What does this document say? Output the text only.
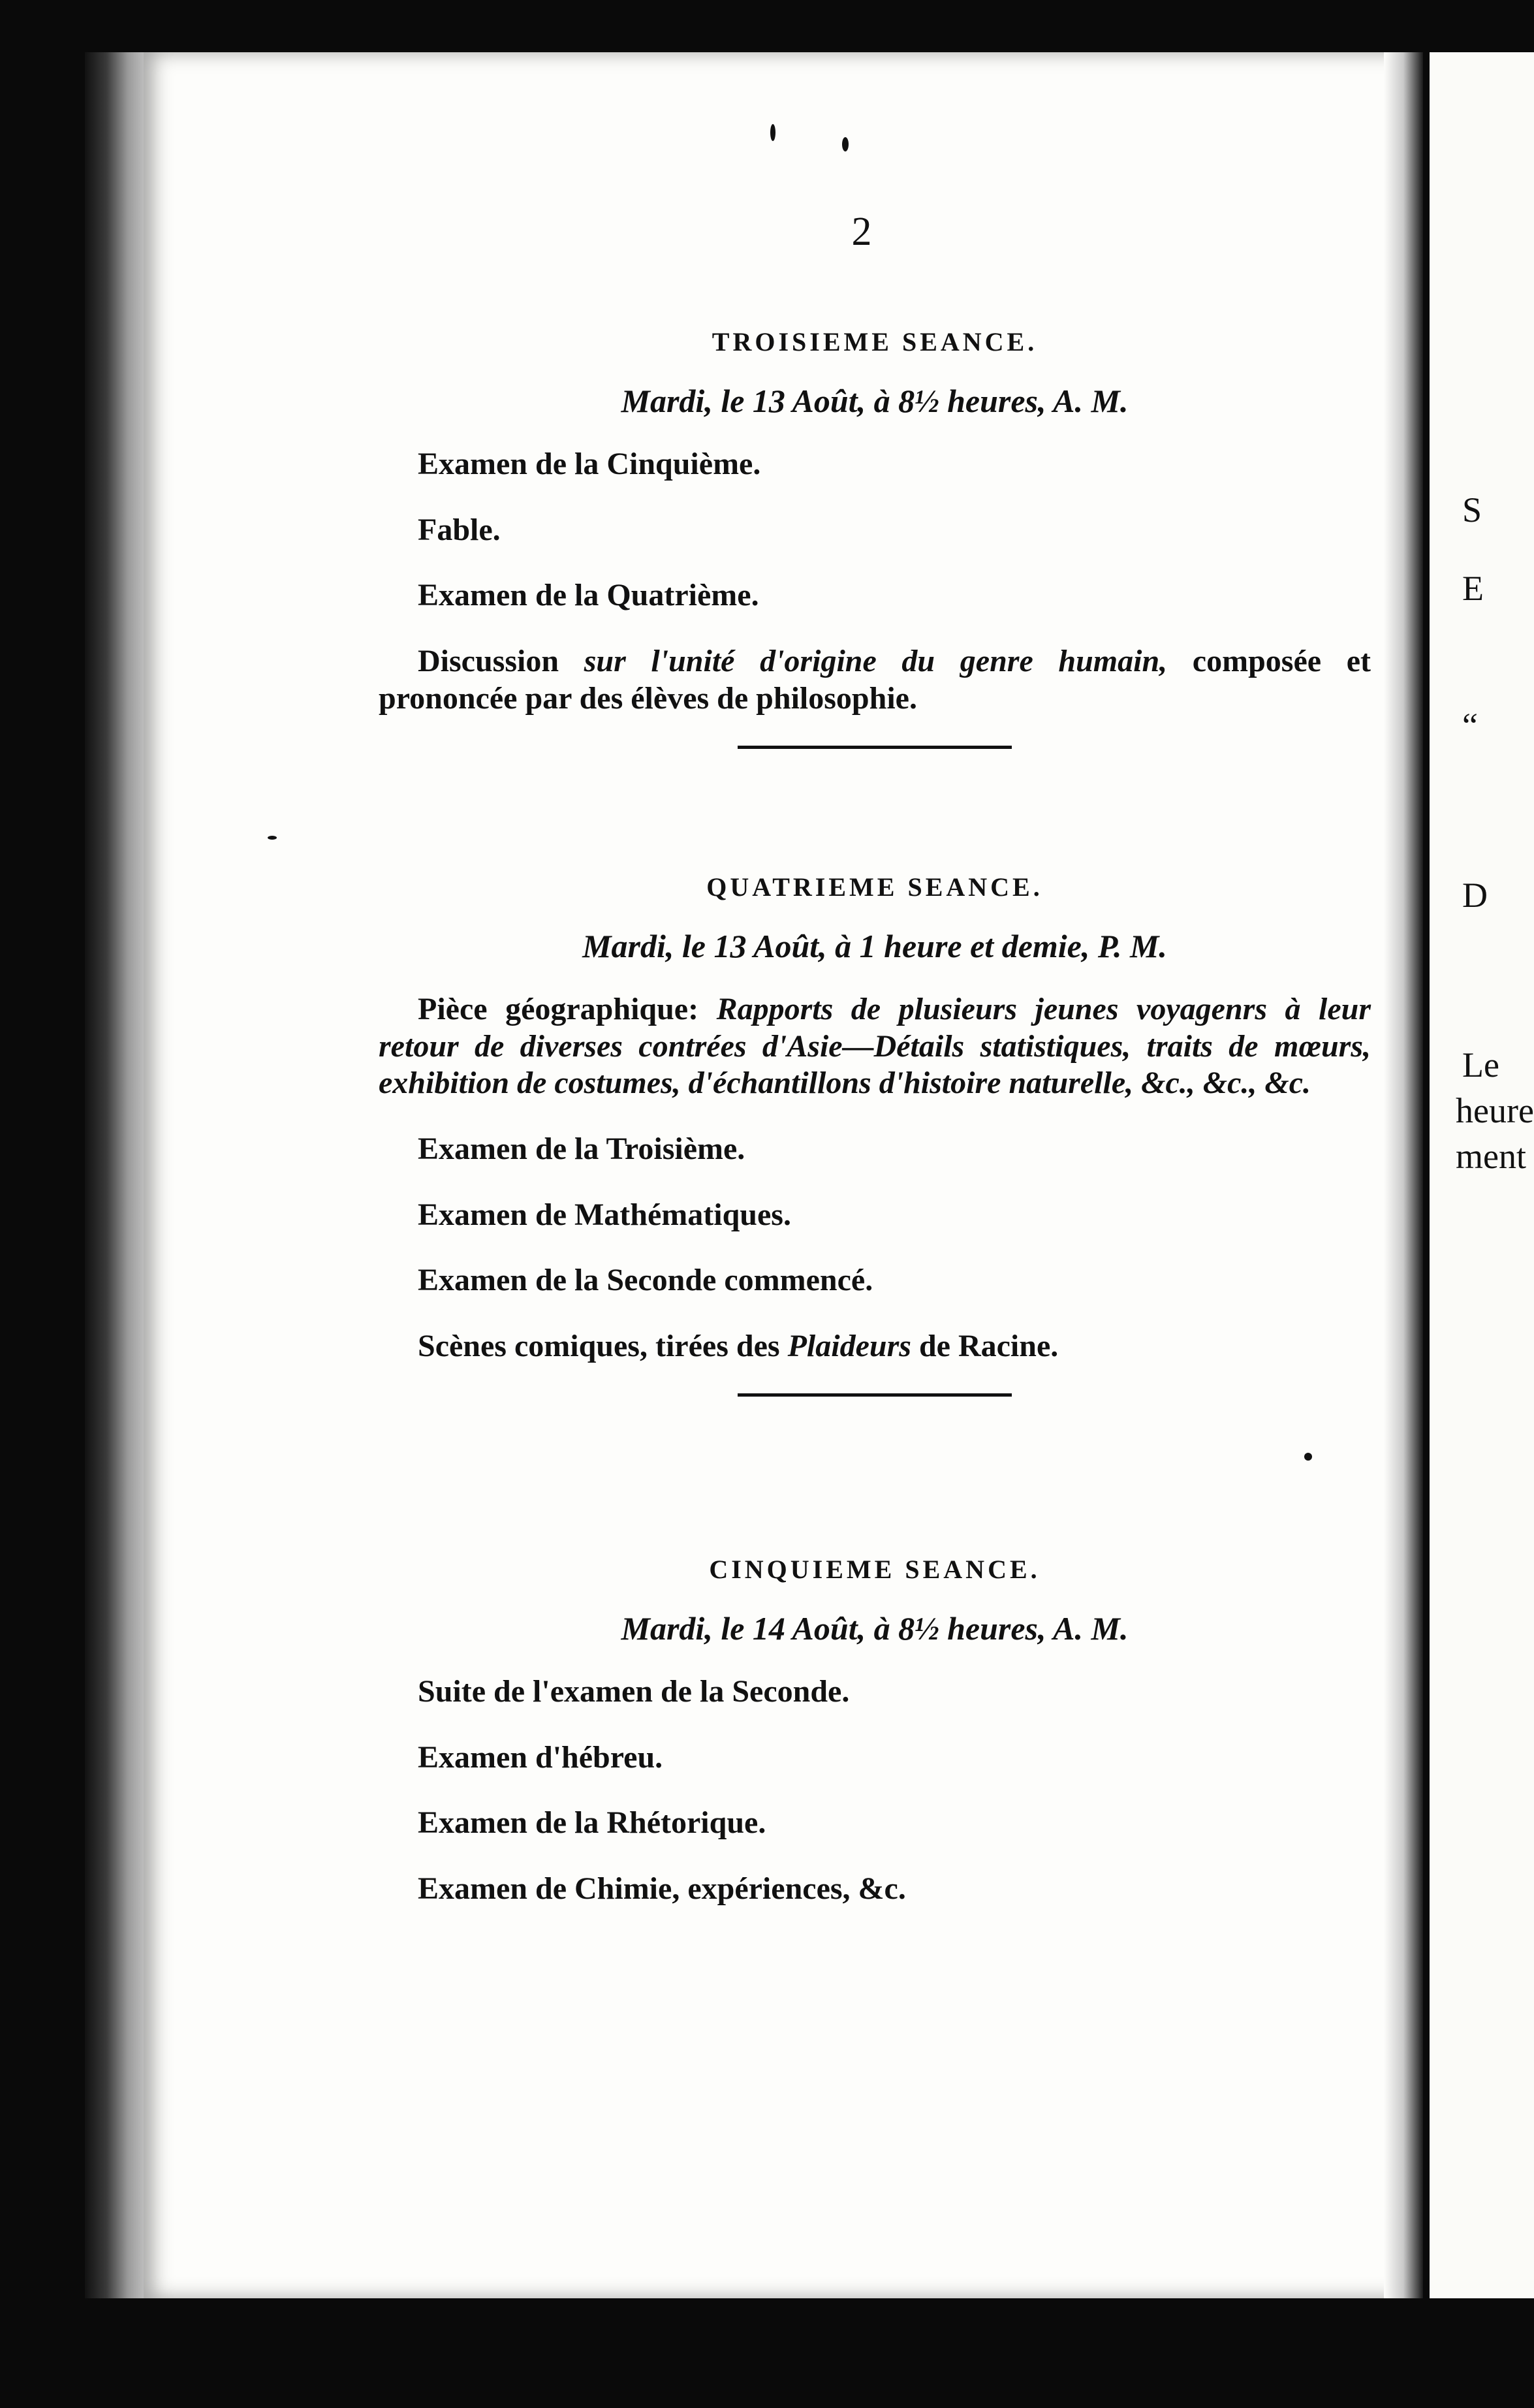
2
TROISIEME SEANCE.
Mardi, le 13 Août, à 8½ heures, A. M.

Examen de la Cinquième.

Fable.

Examen de la Quatrième.

Discussion sur l'unité d'origine du genre humain, composée et prononcée par des élèves de philosophie.

QUATRIEME SEANCE.
Mardi, le 13 Août, à 1 heure et demie, P. M.

Pièce géographique: Rapports de plusieurs jeunes voyagenrs à leur retour de diverses contrées d'Asie—Détails statistiques, traits de mœurs, exhibition de costumes, d'échantillons d'histoire naturelle, &c., &c., &c.

Examen de la Troisième.

Examen de Mathématiques.

Examen de la Seconde commencé.

Scènes comiques, tirées des Plaideurs de Racine.

CINQUIEME SEANCE.
Mardi, le 14 Août, à 8½ heures, A. M.

Suite de l'examen de la Seconde.

Examen d'hébreu.

Examen de la Rhétorique.

Examen de Chimie, expériences, &c.

S
E
“
D
Le
heure
ment
